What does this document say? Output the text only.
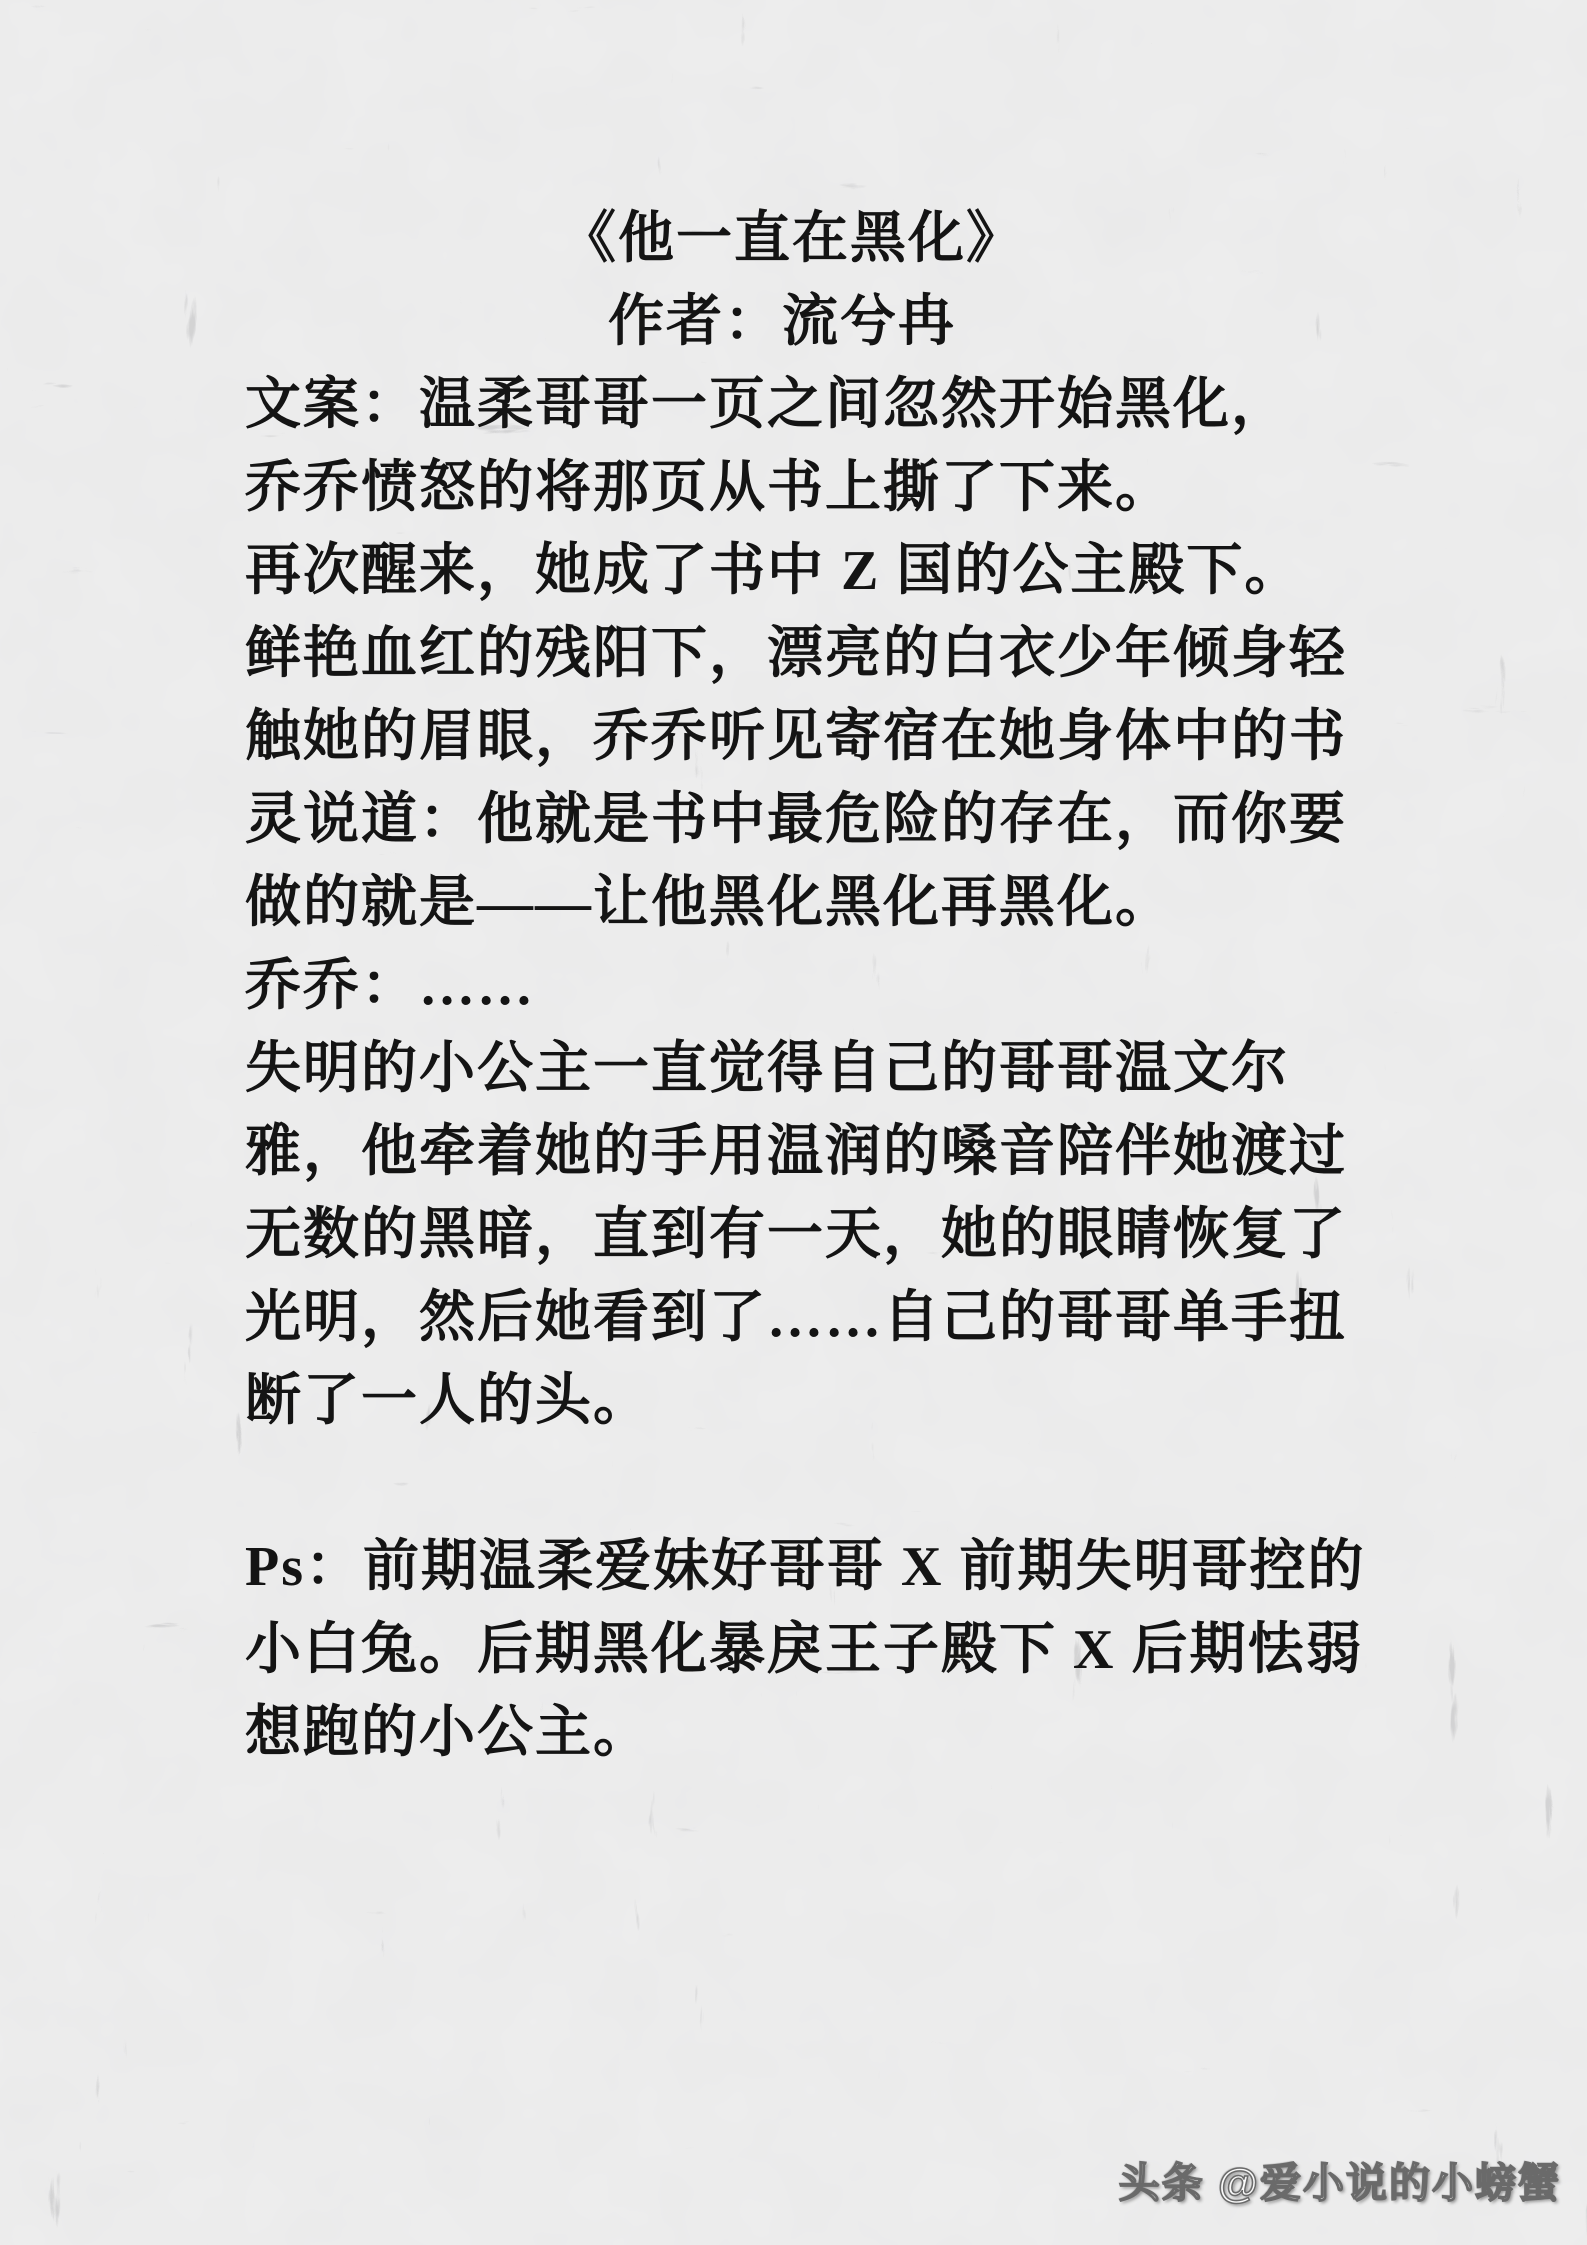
《他一直在黑化》
作者：流兮冉
文案：温柔哥哥一页之间忽然开始黑化，
乔乔愤怒的将那页从书上撕了下来。
再次醒来，她成了书中 Z 国的公主殿下。
鲜艳血红的残阳下，漂亮的白衣少年倾身轻
触她的眉眼，乔乔听见寄宿在她身体中的书
灵说道：他就是书中最危险的存在，而你要
做的就是——让他黑化黑化再黑化。
乔乔：……
失明的小公主一直觉得自己的哥哥温文尔
雅，他牵着她的手用温润的嗓音陪伴她渡过
无数的黑暗，直到有一天，她的眼睛恢复了
光明，然后她看到了……自己的哥哥单手扭
断了一人的头。
Ps：前期温柔爱妹好哥哥 X 前期失明哥控的
小白兔。后期黑化暴戾王子殿下 X 后期怯弱
想跑的小公主。
头条 @爱小说的小螃蟹
